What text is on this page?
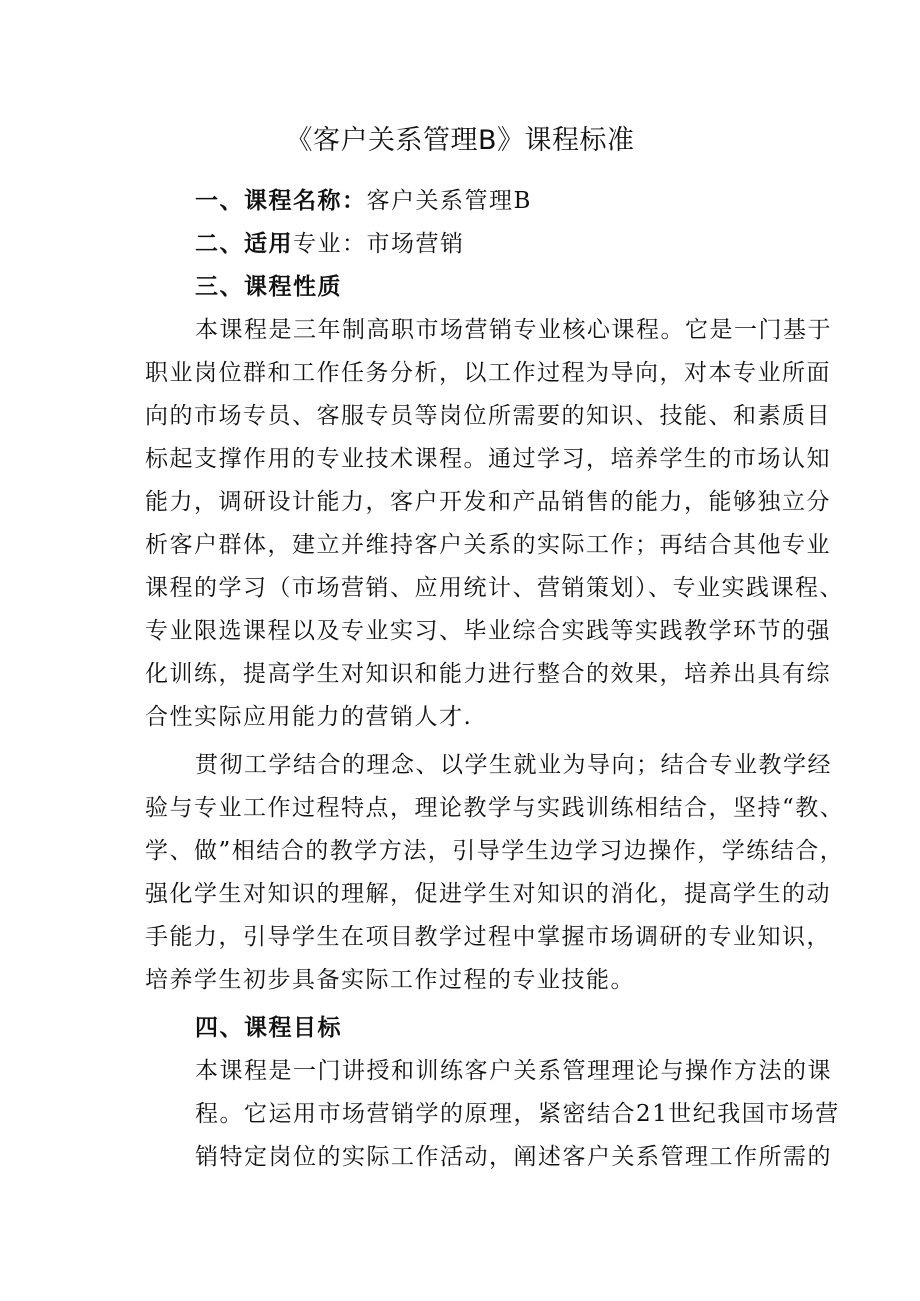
《客户关系管理B》课程标准
一、课程名称：客户关系管理B
二、适用专业：市场营销
三、课程性质
本课程是三年制高职市场营销专业核心课程。它是一门基于
职业岗位群和工作任务分析，以工作过程为导向，对本专业所面
向的市场专员、客服专员等岗位所需要的知识、技能、和素质目
标起支撑作用的专业技术课程。通过学习，培养学生的市场认知
能力，调研设计能力，客户开发和产品销售的能力，能够独立分
析客户群体，建立并维持客户关系的实际工作；再结合其他专业
课程的学习（市场营销、应用统计、营销策划）、专业实践课程、
专业限选课程以及专业实习、毕业综合实践等实践教学环节的强
化训练，提高学生对知识和能力进行整合的效果，培养出具有综
合性实际应用能力的营销人才.
贯彻工学结合的理念、以学生就业为导向；结合专业教学经
验与专业工作过程特点，理论教学与实践训练相结合，坚持“教、
学、做”相结合的教学方法，引导学生边学习边操作，学练结合，
强化学生对知识的理解，促进学生对知识的消化，提高学生的动
手能力，引导学生在项目教学过程中掌握市场调研的专业知识，
培养学生初步具备实际工作过程的专业技能。
四、课程目标
本课程是一门讲授和训练客户关系管理理论与操作方法的课
程。它运用市场营销学的原理，紧密结合21世纪我国市场营
销特定岗位的实际工作活动，阐述客户关系管理工作所需的
